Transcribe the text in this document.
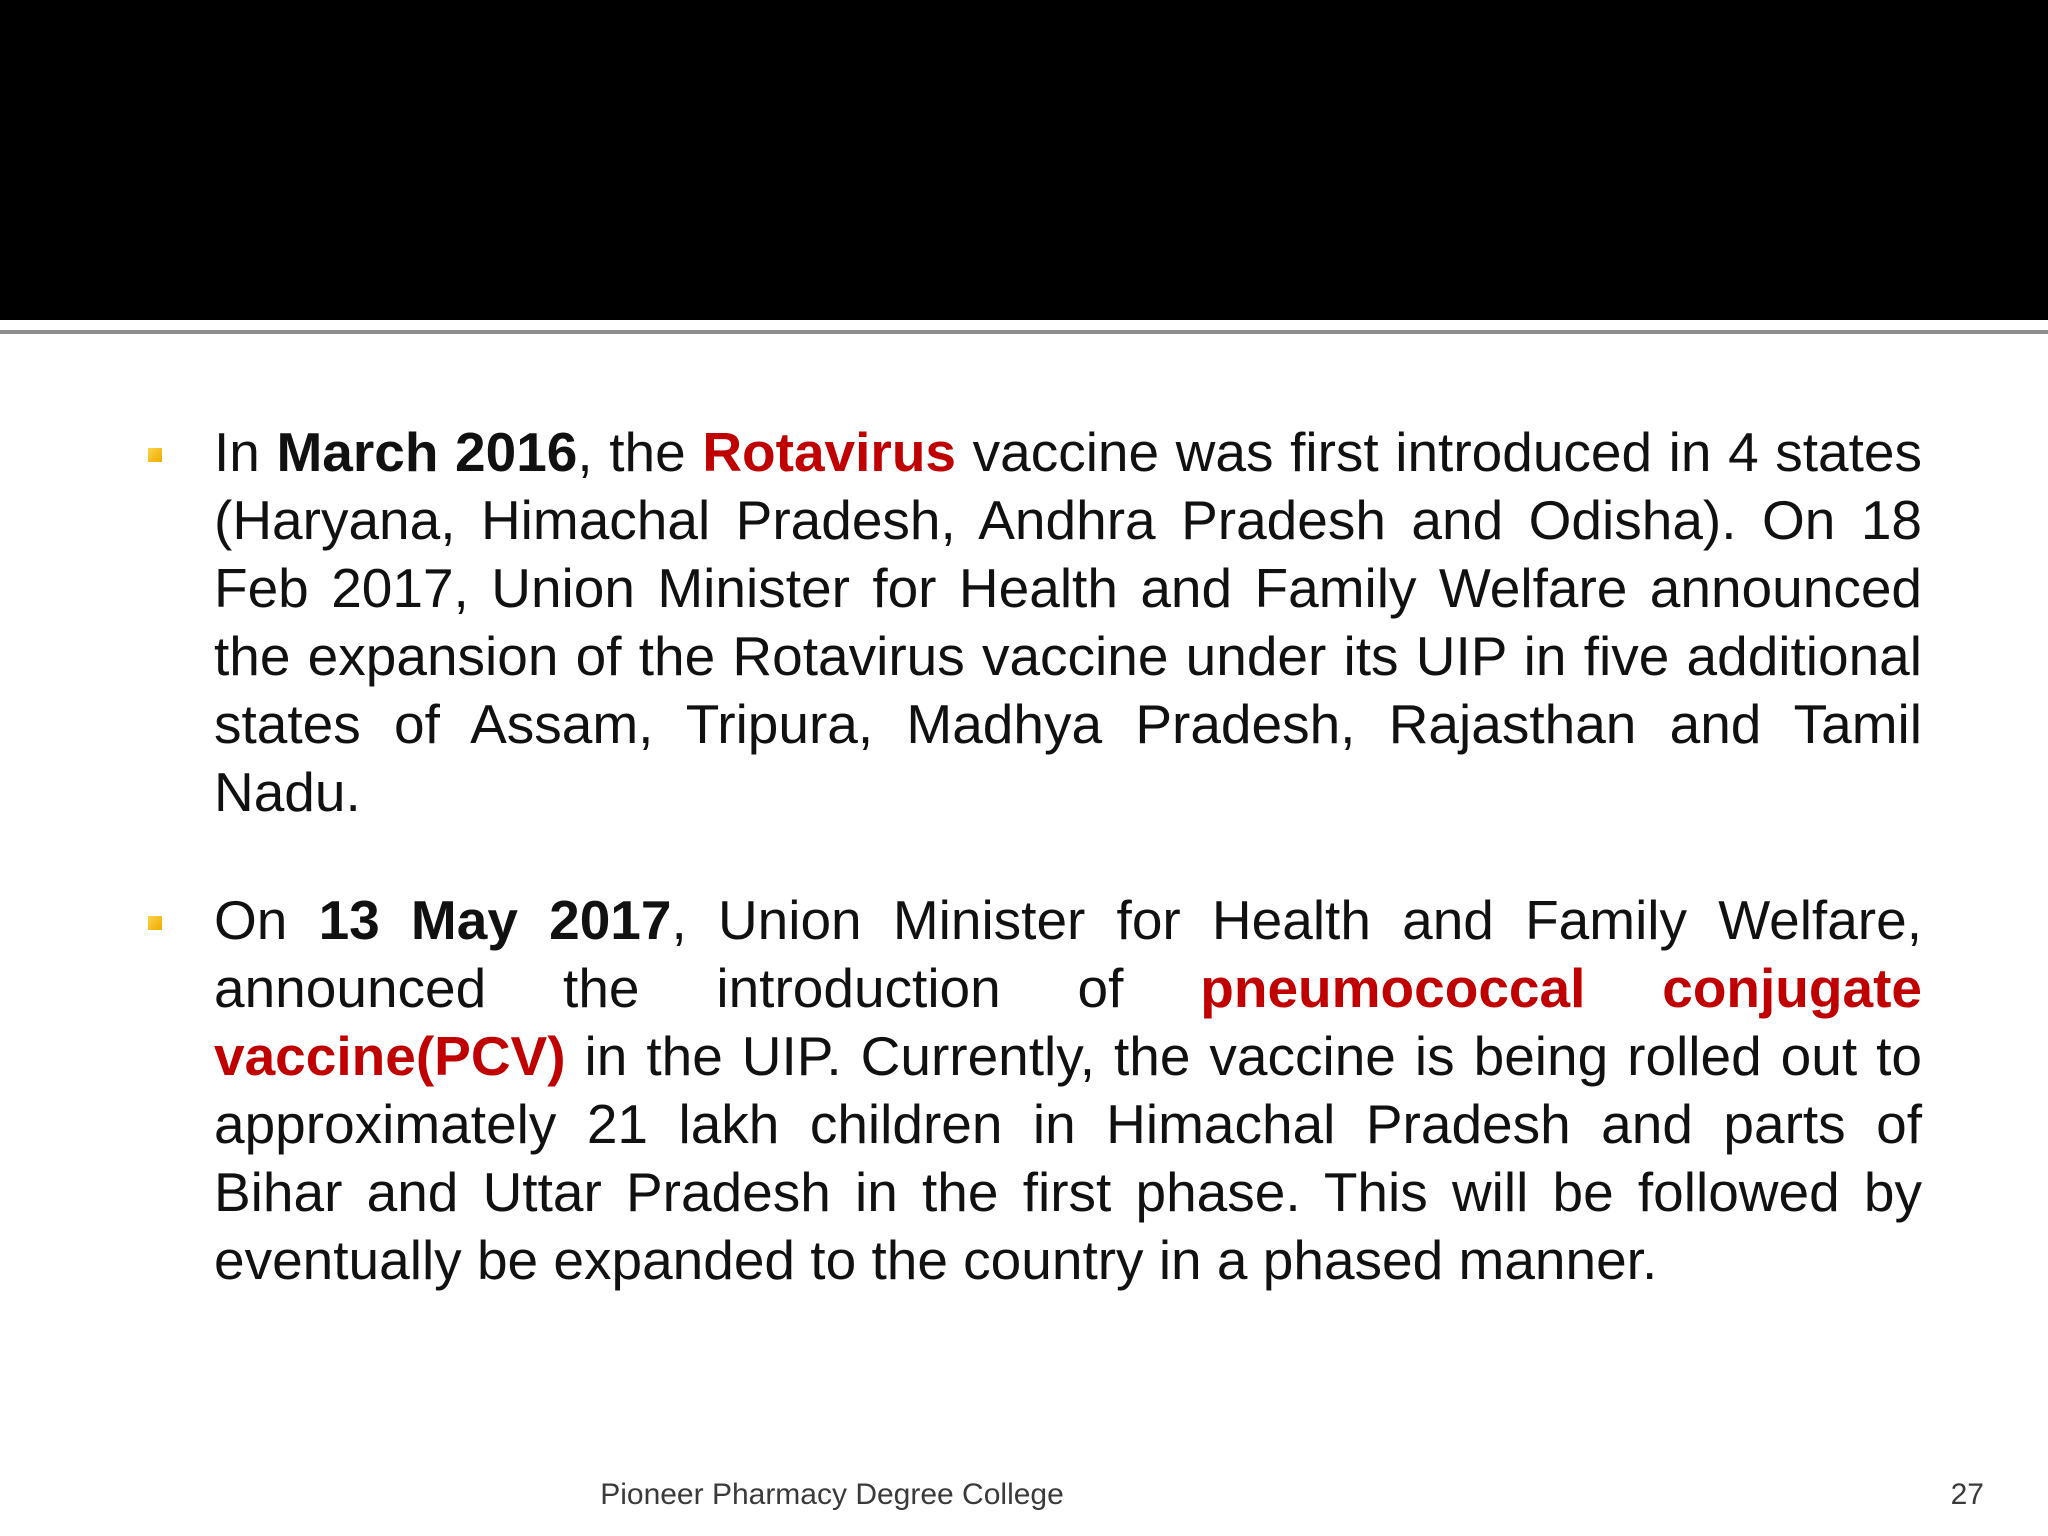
In March 2016, the Rotavirus vaccine was first introduced in 4 states (Haryana, Himachal Pradesh, Andhra Pradesh and Odisha). On 18 Feb 2017, Union Minister for Health and Family Welfare announced the expansion of the Rotavirus vaccine under its UIP in five additional states of Assam, Tripura, Madhya Pradesh, Rajasthan and Tamil Nadu.
On 13 May 2017, Union Minister for Health and Family Welfare, announced the introduction of pneumococcal conjugate vaccine(PCV) in the UIP. Currently, the vaccine is being rolled out to approximately 21 lakh children in Himachal Pradesh and parts of Bihar and Uttar Pradesh in the first phase. This will be followed by eventually be expanded to the country in a phased manner.
Pioneer Pharmacy Degree College	27
